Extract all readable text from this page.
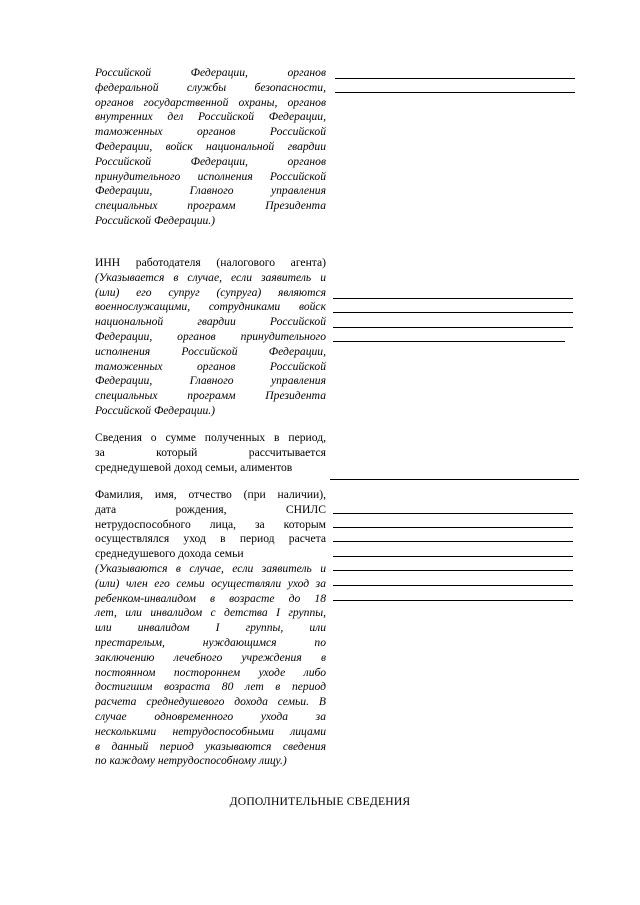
Российской Федерации, органов
федеральной службы безопасности,
органов государственной охраны, органов
внутренних дел Российской Федерации,
таможенных органов Российской
Федерации, войск национальной гвардии
Российской Федерации, органов
принудительного исполнения Российской
Федерации, Главного управления
специальных программ Президента
Российской Федерации.)
ИНН работодателя (налогового агента)
(Указывается в случае, если заявитель и
(или) его супруг (супруга) являются
военнослужащими, сотрудниками войск
национальной гвардии Российской
Федерации, органов принудительного
исполнения Российской Федерации,
таможенных органов Российской
Федерации, Главного управления
специальных программ Президента
Российской Федерации.)
Сведения о сумме полученных в период,
за который рассчитывается
среднедушевой доход семьи, алиментов
Фамилия, имя, отчество (при наличии),
дата рождения, СНИЛС
нетрудоспособного лица, за которым
осуществлялся уход в период расчета
среднедушевого дохода семьи
(Указываются в случае, если заявитель и
(или) член его семьи осуществляли уход за
ребенком-инвалидом в возрасте до 18
лет, или инвалидом с детства I группы,
или инвалидом I группы, или
престарелым, нуждающимся по
заключению лечебного учреждения в
постоянном постороннем уходе либо
достигшим возраста 80 лет в период
расчета среднедушевого дохода семьи. В
случае одновременного ухода за
несколькими нетрудоспособными лицами
в данный период указываются сведения
по каждому нетрудоспособному лицу.)
ДОПОЛНИТЕЛЬНЫЕ СВЕДЕНИЯ
